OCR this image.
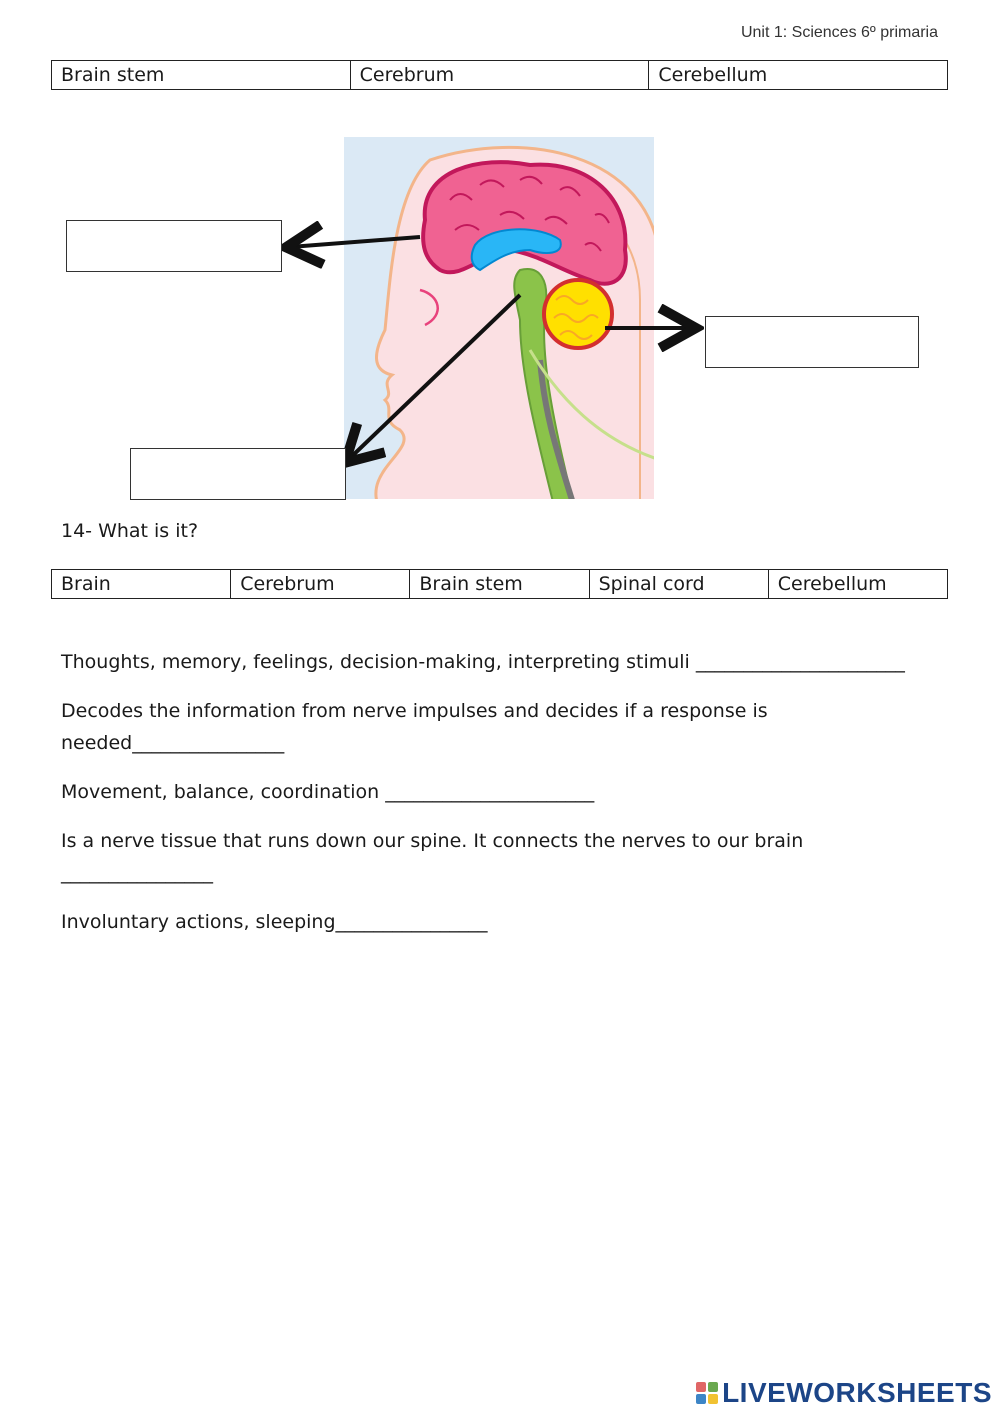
Unit 1: Sciences 6º primaria
Brain stem	Cerebrum	Cerebellum
14- What is it?
Brain	Cerebrum	Brain stem	Spinal cord	Cerebellum
Thoughts, memory, feelings, decision-making, interpreting stimuli ______________________
Decodes the information from nerve impulses and decides if a response is needed________________
Movement, balance, coordination ______________________
Is a nerve tissue that runs down our spine. It connects the nerves to our brain ________________
Involuntary actions, sleeping________________
LIVEWORKSHEETS
